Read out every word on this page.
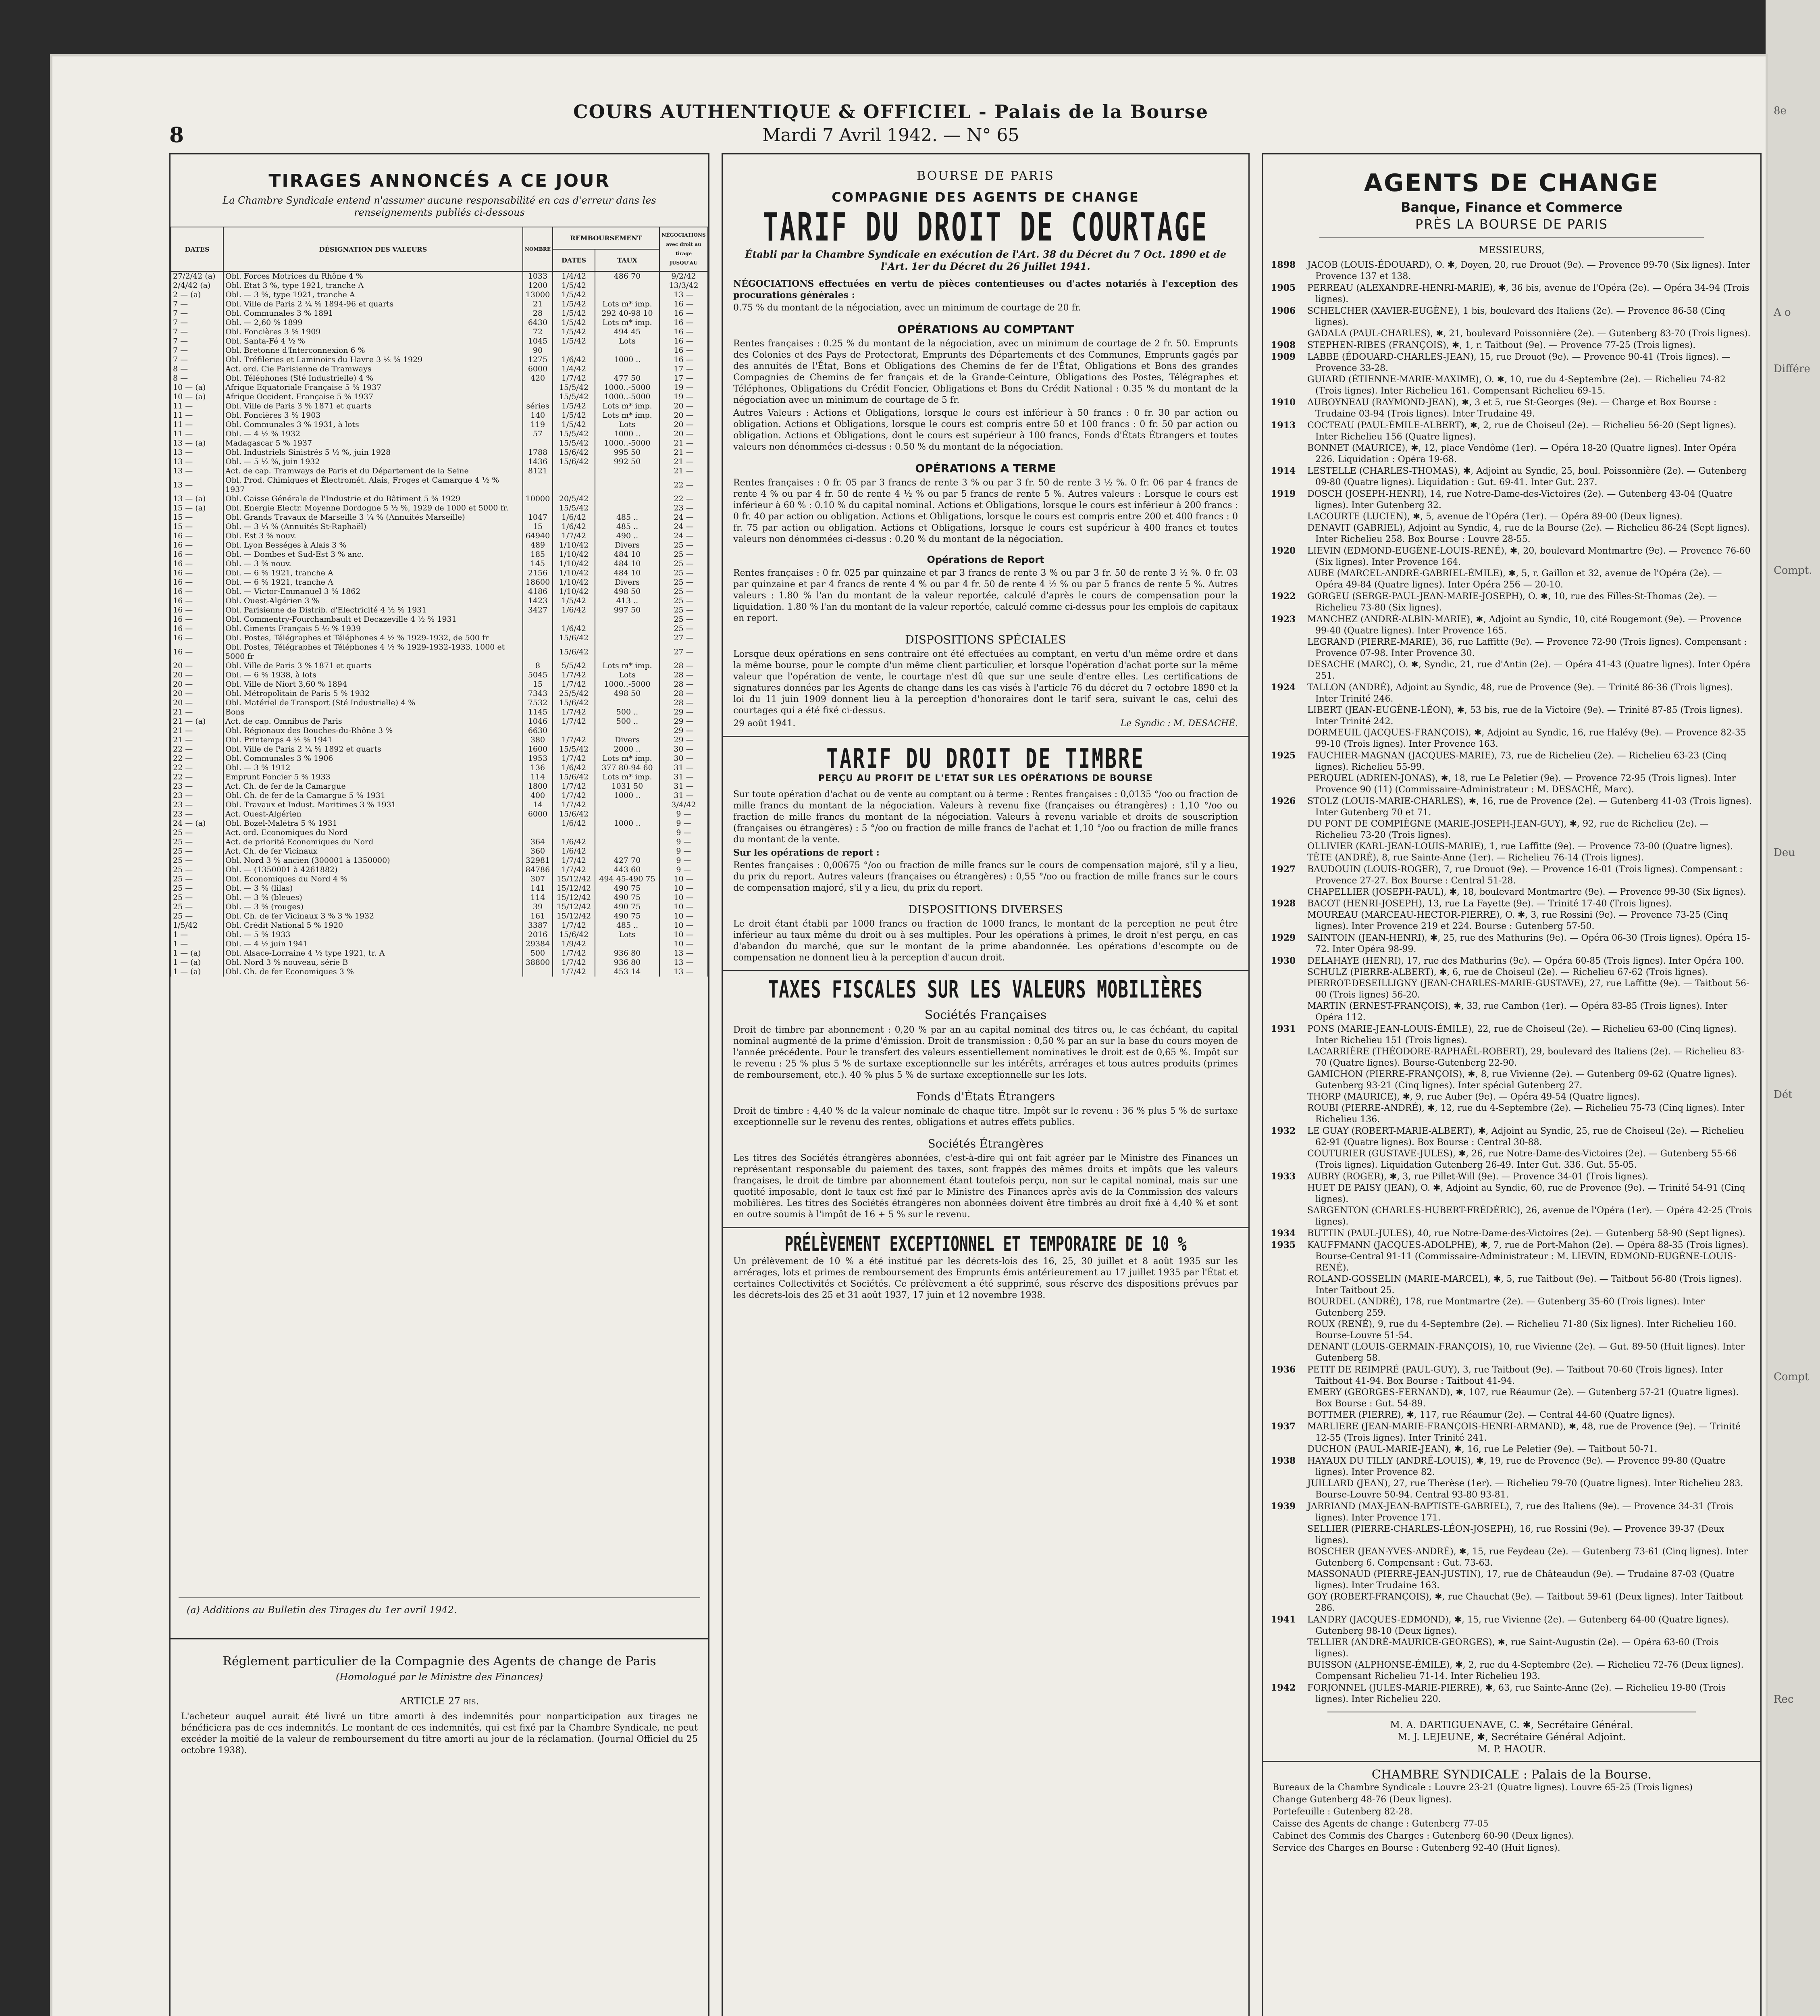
8e
A o
Différe
Compt.
Deu
Dét
Compt
Rec
8
COURS AUTHENTIQUE & OFFICIEL - Palais de la Bourse
Mardi 7 Avril 1942. — N° 65
TIRAGES ANNONCÉS A CE JOUR
La Chambre Syndicale entend n'assumer aucune responsabilité en cas d'erreur dans les renseignements publiés ci-dessous
DATES	DÉSIGNATION DES VALEURS	NOMBRE	REMBOURSEMENT		NÉGOCIATIONS avec droit au tirage JUSQU'AU
			DATES	TAUX	
27/2/42 (a)	Obl. Forces Motrices du Rhône 4 %	1033	1/4/42	486 70	9/2/42
2/4/42 (a)	Obl. Etat 3 %, type 1921, tranche A	1200	1/5/42		13/3/42
2 — (a)	Obl. — 3 %, type 1921, tranche A	13000	1/5/42		13 —
7 —	Obl. Ville de Paris 2 ¾ % 1894-96 et quarts	21	1/5/42	Lots m* imp.	16 —
7 —	Obl. Communales 3 % 1891	28	1/5/42	292 40-98 10	16 —
7 —	Obl. — 2,60 % 1899	6430	1/5/42	Lots m* imp.	16 —
7 —	Obl. Foncières 3 % 1909	72	1/5/42	494 45	16 —
7 —	Obl. Santa-Fé 4 ½ %	1045	1/5/42	Lots	16 —
7 —	Obl. Bretonne d'Interconnexion 6 %	90			16 —
7 —	Obl. Tréfileries et Laminoirs du Havre 3 ½ % 1929	1275	1/6/42	1000 ..	16 —
8 —	Act. ord. Cie Parisienne de Tramways	6000	1/4/42		17 —
8 —	Obl. Téléphones (Sté Industrielle) 4 %	420	1/7/42	477 50	17 —
10 — (a)	Afrique Equatoriale Française 5 % 1937		15/5/42	1000..-5000	19 —
10 — (a)	Afrique Occident. Française 5 % 1937		15/5/42	1000..-5000	19 —
11 —	Obl. Ville de Paris 3 % 1871 et quarts	séries	1/5/42	Lots m* imp.	20 —
11 —	Obl. Foncières 3 % 1903	140	1/5/42	Lots m* imp.	20 —
11 —	Obl. Communales 3 % 1931, à lots	119	1/5/42	Lots	20 —
11 —	Obl. — 4 ½ % 1932	57	15/5/42	1000 ..	20 —
13 — (a)	Madagascar 5 % 1937		15/5/42	1000..-5000	21 —
13 —	Obl. Industriels Sinistrés 5 ½ %, juin 1928	1788	15/6/42	995 50	21 —
13 —	Obl. — 5 ½ %, juin 1932	1436	15/6/42	992 50	21 —
13 —	Act. de cap. Tramways de Paris et du Département de la Seine	8121			21 —
13 —	Obl. Prod. Chimiques et Électromét. Alais, Froges et Camargue 4 ½ % 1937				22 —
13 — (a)	Obl. Caisse Générale de l'Industrie et du Bâtiment 5 % 1929	10000	20/5/42		22 —
15 — (a)	Obl. Energie Electr. Moyenne Dordogne 5 ½ %, 1929 de 1000 et 5000 fr.		15/5/42		23 —
15 —	Obl. Grands Travaux de Marseille 3 ¼ % (Annuités Marseille)	1047	1/6/42	485 ..	24 —
15 —	Obl. — 3 ¼ % (Annuités St-Raphaël)	15	1/6/42	485 ..	24 —
16 —	Obl. Est 3 % nouv.	64940	1/7/42	490 ..	24 —
16 —	Obl. Lyon Bességes à Alais 3 %	489	1/10/42	Divers	25 —
16 —	Obl. — Dombes et Sud-Est 3 % anc.	185	1/10/42	484 10	25 —
16 —	Obl. — 3 % nouv.	145	1/10/42	484 10	25 —
16 —	Obl. — 6 % 1921, tranche A	2156	1/10/42	484 10	25 —
16 —	Obl. — 6 % 1921, tranche A	18600	1/10/42	Divers	25 —
16 —	Obl. — Victor-Emmanuel 3 % 1862	4186	1/10/42	498 50	25 —
16 —	Obl. Ouest-Algérien 3 %	1423	1/5/42	413 ..	25 —
16 —	Obl. Parisienne de Distrib. d'Electricité 4 ½ % 1931	3427	1/6/42	997 50	25 —
16 —	Obl. Commentry-Fourchambault et Decazeville 4 ½ % 1931				25 —
16 —	Obl. Ciments Français 5 ½ % 1939		1/6/42		25 —
16 —	Obl. Postes, Télégraphes et Téléphones 4 ½ % 1929-1932, de 500 fr		15/6/42		27 —
16 —	Obl. Postes, Télégraphes et Téléphones 4 ½ % 1929-1932-1933, 1000 et 5000 fr		15/6/42		27 —
20 —	Obl. Ville de Paris 3 % 1871 et quarts	8	5/5/42	Lots m* imp.	28 —
20 —	Obl. — 6 % 1938, à lots	5045	1/7/42	Lots	28 —
20 —	Obl. Ville de Niort 3,60 % 1894	15	1/7/42	1000..-5000	28 —
20 —	Obl. Métropolitain de Paris 5 % 1932	7343	25/5/42	498 50	28 —
20 —	Obl. Matériel de Transport (Sté Industrielle) 4 %	7532	15/6/42		28 —
21 —	Bons	1145	1/7/42	500 ..	29 —
21 — (a)	Act. de cap. Omnibus de Paris	1046	1/7/42	500 ..	29 —
21 —	Obl. Régionaux des Bouches-du-Rhône 3 %	6630			29 —
21 —	Obl. Printemps 4 ½ % 1941	380	1/7/42	Divers	29 —
22 —	Obl. Ville de Paris 2 ¾ % 1892 et quarts	1600	15/5/42	2000 ..	30 —
22 —	Obl. Communales 3 % 1906	1953	1/7/42	Lots m* imp.	30 —
22 —	Obl. — 3 % 1912	136	1/6/42	377 80-94 60	31 —
22 —	Emprunt Foncier 5 % 1933	114	15/6/42	Lots m* imp.	31 —
23 —	Act. Ch. de fer de la Camargue	1800	1/7/42	1031 50	31 —
23 —	Obl. Ch. de fer de la Camargue 5 % 1931	400	1/7/42	1000 ..	31 —
23 —	Obl. Travaux et Indust. Maritimes 3 % 1931	14	1/7/42		3/4/42
23 —	Act. Ouest-Algérien	6000	15/6/42		9 —
24 — (a)	Obl. Bozel-Malétra 5 % 1931		1/6/42	1000 ..	9 —
25 —	Act. ord. Economiques du Nord				9 —
25 —	Act. de priorité Economiques du Nord	364	1/6/42		9 —
25 —	Act. Ch. de fer Vicinaux	360	1/6/42		9 —
25 —	Obl. Nord 3 % ancien (300001 à 1350000)	32981	1/7/42	427 70	9 —
25 —	Obl. — (1350001 à 4261882)	84786	1/7/42	443 60	9 —
25 —	Obl. Économiques du Nord 4 %	307	15/12/42	494 45-490 75	10 —
25 —	Obl. — 3 % (lilas)	141	15/12/42	490 75	10 —
25 —	Obl. — 3 % (bleues)	114	15/12/42	490 75	10 —
25 —	Obl. — 3 % (rouges)	39	15/12/42	490 75	10 —
25 —	Obl. Ch. de fer Vicinaux 3 % 3 % 1932	161	15/12/42	490 75	10 —
1/5/42	Obl. Crédit National 5 % 1920	3387	1/7/42	485 ..	10 —
1 —	Obl. — 5 % 1933	2016	15/6/42	Lots	10 —
1 —	Obl. — 4 ½ juin 1941	29384	1/9/42		10 —
1 — (a)	Obl. Alsace-Lorraine 4 ½ type 1921, tr. A	500	1/7/42	936 80	13 —
1 — (a)	Obl. Nord 3 % nouveau, série B	38800	1/7/42	936 80	13 —
1 — (a)	Obl. Ch. de fer Economiques 3 %		1/7/42	453 14	13 —
(a) Additions au Bulletin des Tirages du 1er avril 1942.
Réglement particulier de la Compagnie des Agents de change de Paris
(Homologué par le Ministre des Finances)
ARTICLE 27 bis.
L'acheteur auquel aurait été livré un titre amorti à des indemnités pour nonparticipation aux tirages ne bénéficiera pas de ces indemnités. Le montant de ces indemnités, qui est fixé par la Chambre Syndicale, ne peut excéder la moitié de la valeur de remboursement du titre amorti au jour de la réclamation. (Journal Officiel du 25 octobre 1938).
BOURSE DE PARIS
COMPAGNIE DES AGENTS DE CHANGE
TARIF DU DROIT DE COURTAGE
Établi par la Chambre Syndicale en exécution de l'Art. 38 du Décret du 7 Oct. 1890 et de l'Art. 1er du Décret du 26 Juillet 1941.
NÉGOCIATIONS effectuées en vertu de pièces contentieuses ou d'actes notariés à l'exception des procurations générales :
0.75 % du montant de la négociation, avec un minimum de courtage de 20 fr.
OPÉRATIONS AU COMPTANT
Rentes françaises : 0.25 % du montant de la négociation, avec un minimum de courtage de 2 fr. 50. Emprunts des Colonies et des Pays de Protectorat, Emprunts des Départements et des Communes, Emprunts gagés par des annuités de l'État, Bons et Obligations des Chemins de fer de l'État, Obligations et Bons des grandes Compagnies de Chemins de fer français et de la Grande-Ceinture, Obligations des Postes, Télégraphes et Téléphones, Obligations du Crédit Foncier, Obligations et Bons du Crédit National : 0.35 % du montant de la négociation avec un minimum de courtage de 5 fr.
Autres Valeurs : Actions et Obligations, lorsque le cours est inférieur à 50 francs : 0 fr. 30 par action ou obligation. Actions et Obligations, lorsque le cours est compris entre 50 et 100 francs : 0 fr. 50 par action ou obligation. Actions et Obligations, dont le cours est supérieur à 100 francs, Fonds d'États Étrangers et toutes valeurs non dénommées ci-dessus : 0.50 % du montant de la négociation.
OPÉRATIONS A TERME
Rentes françaises : 0 fr. 05 par 3 francs de rente 3 % ou par 3 fr. 50 de rente 3 ½ %. 0 fr. 06 par 4 francs de rente 4 % ou par 4 fr. 50 de rente 4 ½ % ou par 5 francs de rente 5 %. Autres valeurs : Lorsque le cours est inférieur à 60 % : 0.10 % du capital nominal. Actions et Obligations, lorsque le cours est inférieur à 200 francs : 0 fr. 40 par action ou obligation. Actions et Obligations, lorsque le cours est compris entre 200 et 400 francs : 0 fr. 75 par action ou obligation. Actions et Obligations, lorsque le cours est supérieur à 400 francs et toutes valeurs non dénommées ci-dessus : 0.20 % du montant de la négociation.
Opérations de Report
Rentes françaises : 0 fr. 025 par quinzaine et par 3 francs de rente 3 % ou par 3 fr. 50 de rente 3 ½ %. 0 fr. 03 par quinzaine et par 4 francs de rente 4 % ou par 4 fr. 50 de rente 4 ½ % ou par 5 francs de rente 5 %. Autres valeurs : 1.80 % l'an du montant de la valeur reportée, calculé d'après le cours de compensation pour la liquidation. 1.80 % l'an du montant de la valeur reportée, calculé comme ci-dessus pour les emplois de capitaux en report.
DISPOSITIONS SPÉCIALES
Lorsque deux opérations en sens contraire ont été effectuées au comptant, en vertu d'un même ordre et dans la même bourse, pour le compte d'un même client particulier, et lorsque l'opération d'achat porte sur la même valeur que l'opération de vente, le courtage n'est dû que sur une seule d'entre elles. Les certifications de signatures données par les Agents de change dans les cas visés à l'article 76 du décret du 7 octobre 1890 et la loi du 11 juin 1909 donnent lieu à la perception d'honoraires dont le tarif sera, suivant le cas, celui des courtages qui a été fixé ci-dessus.
29 août 1941.	Le Syndic : M. DESACHÉ.
TARIF DU DROIT DE TIMBRE
PERÇU AU PROFIT DE L'ETAT SUR LES OPÉRATIONS DE BOURSE
Sur toute opération d'achat ou de vente au comptant ou à terme : Rentes françaises : 0,0135 °/oo ou fraction de mille francs du montant de la négociation. Valeurs à revenu fixe (françaises ou étrangères) : 1,10 °/oo ou fraction de mille francs du montant de la négociation. Valeurs à revenu variable et droits de souscription (françaises ou étrangères) : 5 °/oo ou fraction de mille francs de l'achat et 1,10 °/oo ou fraction de mille francs du montant de la vente.
Sur les opérations de report :
Rentes françaises : 0,00675 °/oo ou fraction de mille francs sur le cours de compensation majoré, s'il y a lieu, du prix du report. Autres valeurs (françaises ou étrangères) : 0,55 °/oo ou fraction de mille francs sur le cours de compensation majoré, s'il y a lieu, du prix du report.
DISPOSITIONS DIVERSES
Le droit étant établi par 1000 francs ou fraction de 1000 francs, le montant de la perception ne peut être inférieur au taux même du droit ou à ses multiples. Pour les opérations à primes, le droit n'est perçu, en cas d'abandon du marché, que sur le montant de la prime abandonnée. Les opérations d'escompte ou de compensation ne donnent lieu à la perception d'aucun droit.
TAXES FISCALES SUR LES VALEURS MOBILIÈRES
Sociétés Françaises
Droit de timbre par abonnement : 0,20 % par an au capital nominal des titres ou, le cas échéant, du capital nominal augmenté de la prime d'émission. Droit de transmission : 0,50 % par an sur la base du cours moyen de l'année précédente. Pour le transfert des valeurs essentiellement nominatives le droit est de 0,65 %. Impôt sur le revenu : 25 % plus 5 % de surtaxe exceptionnelle sur les intérêts, arrérages et tous autres produits (primes de remboursement, etc.). 40 % plus 5 % de surtaxe exceptionnelle sur les lots.
Fonds d'États Étrangers
Droit de timbre : 4,40 % de la valeur nominale de chaque titre. Impôt sur le revenu : 36 % plus 5 % de surtaxe exceptionnelle sur le revenu des rentes, obligations et autres effets publics.
Sociétés Étrangères
Les titres des Sociétés étrangères abonnées, c'est-à-dire qui ont fait agréer par le Ministre des Finances un représentant responsable du paiement des taxes, sont frappés des mêmes droits et impôts que les valeurs françaises, le droit de timbre par abonnement étant toutefois perçu, non sur le capital nominal, mais sur une quotité imposable, dont le taux est fixé par le Ministre des Finances après avis de la Commission des valeurs mobilières. Les titres des Sociétés étrangères non abonnées doivent être timbrés au droit fixé à 4,40 % et sont en outre soumis à l'impôt de 16 + 5 % sur le revenu.
PRÉLÈVEMENT EXCEPTIONNEL ET TEMPORAIRE DE 10 %
Un prélèvement de 10 % a été institué par les décrets-lois des 16, 25, 30 juillet et 8 août 1935 sur les arrérages, lots et primes de remboursement des Emprunts émis antérieurement au 17 juillet 1935 par l'État et certaines Collectivités et Sociétés. Ce prélèvement a été supprimé, sous réserve des dispositions prévues par les décrets-lois des 25 et 31 août 1937, 17 juin et 12 novembre 1938.
AGENTS DE CHANGE
Banque, Finance et Commerce
PRÈS LA BOURSE DE PARIS
MESSIEURS,
1898 JACOB (LOUIS-ÉDOUARD), O. ✱, Doyen, 20, rue Drouot (9e). — Provence 99-70 (Six lignes). Inter Provence 137 et 138.
1905 PERREAU (ALEXANDRE-HENRI-MARIE), ✱, 36 bis, avenue de l'Opéra (2e). — Opéra 34-94 (Trois lignes).
1906 SCHELCHER (XAVIER-EUGÈNE), 1 bis, boulevard des Italiens (2e). — Provence 86-58 (Cinq lignes).
GADALA (PAUL-CHARLES), ✱, 21, boulevard Poissonnière (2e). — Gutenberg 83-70 (Trois lignes).
1908 STEPHEN-RIBES (FRANÇOIS), ✱, 1, r. Taitbout (9e). — Provence 77-25 (Trois lignes).
1909 LABBE (ÉDOUARD-CHARLES-JEAN), 15, rue Drouot (9e). — Provence 90-41 (Trois lignes). — Provence 33-28.
GUIARD (ÉTIENNE-MARIE-MAXIME), O. ✱, 10, rue du 4-Septembre (2e). — Richelieu 74-82 (Trois lignes). Inter Richelieu 161. Compensant Richelieu 69-15.
1910 AUBOYNEAU (RAYMOND-JEAN), ✱, 3 et 5, rue St-Georges (9e). — Charge et Box Bourse : Trudaine 03-94 (Trois lignes). Inter Trudaine 49.
1913 COCTEAU (PAUL-ÉMILE-ALBERT), ✱, 2, rue de Choiseul (2e). — Richelieu 56-20 (Sept lignes). Inter Richelieu 156 (Quatre lignes).
BONNET (MAURICE), ✱, 12, place Vendôme (1er). — Opéra 18-20 (Quatre lignes). Inter Opéra 226. Liquidation : Opéra 19-68.
1914 LESTELLE (CHARLES-THOMAS), ✱, Adjoint au Syndic, 25, boul. Poissonnière (2e). — Gutenberg 09-80 (Quatre lignes). Liquidation : Gut. 69-41. Inter Gut. 237.
1919 DOSCH (JOSEPH-HENRI), 14, rue Notre-Dame-des-Victoires (2e). — Gutenberg 43-04 (Quatre lignes). Inter Gutenberg 32.
LACOURTE (LUCIEN), ✱, 5, avenue de l'Opéra (1er). — Opéra 89-00 (Deux lignes).
DENAVIT (GABRIEL), Adjoint au Syndic, 4, rue de la Bourse (2e). — Richelieu 86-24 (Sept lignes). Inter Richelieu 258. Box Bourse : Louvre 28-55.
1920 LIEVIN (EDMOND-EUGÈNE-LOUIS-RENÉ), ✱, 20, boulevard Montmartre (9e). — Provence 76-60 (Six lignes). Inter Provence 164.
AUBE (MARCEL-ANDRÉ-GABRIEL-ÉMILE), ✱, 5, r. Gaillon et 32, avenue de l'Opéra (2e). — Opéra 49-84 (Quatre lignes). Inter Opéra 256 — 20-10.
1922 GORGEU (SERGE-PAUL-JEAN-MARIE-JOSEPH), O. ✱, 10, rue des Filles-St-Thomas (2e). — Richelieu 73-80 (Six lignes).
1923 MANCHEZ (ANDRÉ-ALBIN-MARIE), ✱, Adjoint au Syndic, 10, cité Rougemont (9e). — Provence 99-40 (Quatre lignes). Inter Provence 165.
LEGRAND (PIERRE-MARIE), 36, rue Laffitte (9e). — Provence 72-90 (Trois lignes). Compensant : Provence 07-98. Inter Provence 30.
DESACHE (MARC), O. ✱, Syndic, 21, rue d'Antin (2e). — Opéra 41-43 (Quatre lignes). Inter Opéra 251.
1924 TALLON (ANDRÉ), Adjoint au Syndic, 48, rue de Provence (9e). — Trinité 86-36 (Trois lignes). Inter Trinité 246.
LIBERT (JEAN-EUGÈNE-LÉON), ✱, 53 bis, rue de la Victoire (9e). — Trinité 87-85 (Trois lignes). Inter Trinité 242.
DORMEUIL (JACQUES-FRANÇOIS), ✱, Adjoint au Syndic, 16, rue Halévy (9e). — Provence 82-35 99-10 (Trois lignes). Inter Provence 163.
1925 FAUCHIER-MAGNAN (JACQUES-MARIE), 73, rue de Richelieu (2e). — Richelieu 63-23 (Cinq lignes). Richelieu 55-99.
PERQUEL (ADRIEN-JONAS), ✱, 18, rue Le Peletier (9e). — Provence 72-95 (Trois lignes). Inter Provence 90 (11) (Commissaire-Administrateur : M. DESACHÉ, Marc).
1926 STOLZ (LOUIS-MARIE-CHARLES), ✱, 16, rue de Provence (2e). — Gutenberg 41-03 (Trois lignes). Inter Gutenberg 70 et 71.
DU PONT DE COMPIÈGNE (MARIE-JOSEPH-JEAN-GUY), ✱, 92, rue de Richelieu (2e). — Richelieu 73-20 (Trois lignes).
OLLIVIER (KARL-JEAN-LOUIS-MARIE), 1, rue Laffitte (9e). — Provence 73-00 (Quatre lignes).
TÊTE (ANDRÉ), 8, rue Sainte-Anne (1er). — Richelieu 76-14 (Trois lignes).
1927 BAUDOUIN (LOUIS-ROGER), 7, rue Drouot (9e). — Provence 16-01 (Trois lignes). Compensant : Provence 27-27. Box Bourse : Central 51-28.
CHAPELLIER (JOSEPH-PAUL), ✱, 18, boulevard Montmartre (9e). — Provence 99-30 (Six lignes).
1928 BACOT (HENRI-JOSEPH), 13, rue La Fayette (9e). — Trinité 17-40 (Trois lignes).
MOUREAU (MARCEAU-HECTOR-PIERRE), O. ✱, 3, rue Rossini (9e). — Provence 73-25 (Cinq lignes). Inter Provence 219 et 224. Bourse : Gutenberg 57-50.
1929 SAINTOIN (JEAN-HENRI), ✱, 25, rue des Mathurins (9e). — Opéra 06-30 (Trois lignes). Opéra 15-72. Inter Opéra 98-99.
1930 DELAHAYE (HENRI), 17, rue des Mathurins (9e). — Opéra 60-85 (Trois lignes). Inter Opéra 100.
SCHULZ (PIERRE-ALBERT), ✱, 6, rue de Choiseul (2e). — Richelieu 67-62 (Trois lignes).
PIERROT-DESEILLIGNY (JEAN-CHARLES-MARIE-GUSTAVE), 27, rue Laffitte (9e). — Taitbout 56-00 (Trois lignes) 56-20.
MARTIN (ERNEST-FRANÇOIS), ✱, 33, rue Cambon (1er). — Opéra 83-85 (Trois lignes). Inter Opéra 112.
1931 PONS (MARIE-JEAN-LOUIS-ÉMILE), 22, rue de Choiseul (2e). — Richelieu 63-00 (Cinq lignes). Inter Richelieu 151 (Trois lignes).
LACARRIÈRE (THÉODORE-RAPHAËL-ROBERT), 29, boulevard des Italiens (2e). — Richelieu 83-70 (Quatre lignes). Bourse-Gutenberg 22-90.
GAMICHON (PIERRE-FRANÇOIS), ✱, 8, rue Vivienne (2e). — Gutenberg 09-62 (Quatre lignes). Gutenberg 93-21 (Cinq lignes). Inter spécial Gutenberg 27.
THORP (MAURICE), ✱, 9, rue Auber (9e). — Opéra 49-54 (Quatre lignes).
ROUBI (PIERRE-ANDRÉ), ✱, 12, rue du 4-Septembre (2e). — Richelieu 75-73 (Cinq lignes). Inter Richelieu 136.
1932 LE GUAY (ROBERT-MARIE-ALBERT), ✱, Adjoint au Syndic, 25, rue de Choiseul (2e). — Richelieu 62-91 (Quatre lignes). Box Bourse : Central 30-88.
COUTURIER (GUSTAVE-JULES), ✱, 26, rue Notre-Dame-des-Victoires (2e). — Gutenberg 55-66 (Trois lignes). Liquidation Gutenberg 26-49. Inter Gut. 336. Gut. 55-05.
1933 AUBRY (ROGER), ✱, 3, rue Pillet-Will (9e). — Provence 34-01 (Trois lignes).
HUET DE PAISY (JEAN), O. ✱, Adjoint au Syndic, 60, rue de Provence (9e). — Trinité 54-91 (Cinq lignes).
SARGENTON (CHARLES-HUBERT-FRÉDÉRIC), 26, avenue de l'Opéra (1er). — Opéra 42-25 (Trois lignes).
1934 BUTTIN (PAUL-JULES), 40, rue Notre-Dame-des-Victoires (2e). — Gutenberg 58-90 (Sept lignes).
1935 KAUFFMANN (JACQUES-ADOLPHE), ✱, 7, rue de Port-Mahon (2e). — Opéra 88-35 (Trois lignes). Bourse-Central 91-11 (Commissaire-Administrateur : M. LIEVIN, EDMOND-EUGÈNE-LOUIS-RENÉ).
ROLAND-GOSSELIN (MARIE-MARCEL), ✱, 5, rue Taitbout (9e). — Taitbout 56-80 (Trois lignes). Inter Taitbout 25.
BOURDEL (ANDRÉ), 178, rue Montmartre (2e). — Gutenberg 35-60 (Trois lignes). Inter Gutenberg 259.
ROUX (RENÉ), 9, rue du 4-Septembre (2e). — Richelieu 71-80 (Six lignes). Inter Richelieu 160. Bourse-Louvre 51-54.
DENANT (LOUIS-GERMAIN-FRANÇOIS), 10, rue Vivienne (2e). — Gut. 89-50 (Huit lignes). Inter Gutenberg 58.
1936 PETIT DE REIMPRÉ (PAUL-GUY), 3, rue Taitbout (9e). — Taitbout 70-60 (Trois lignes). Inter Taitbout 41-94. Box Bourse : Taitbout 41-94.
EMERY (GEORGES-FERNAND), ✱, 107, rue Réaumur (2e). — Gutenberg 57-21 (Quatre lignes). Box Bourse : Gut. 54-89.
BOTTMER (PIERRE), ✱, 117, rue Réaumur (2e). — Central 44-60 (Quatre lignes).
1937 MARLIERE (JEAN-MARIE-FRANÇOIS-HENRI-ARMAND), ✱, 48, rue de Provence (9e). — Trinité 12-55 (Trois lignes). Inter Trinité 241.
DUCHON (PAUL-MARIE-JEAN), ✱, 16, rue Le Peletier (9e). — Taitbout 50-71.
1938 HAYAUX DU TILLY (ANDRÉ-LOUIS), ✱, 19, rue de Provence (9e). — Provence 99-80 (Quatre lignes). Inter Provence 82.
JUILLARD (JEAN), 27, rue Therèse (1er). — Richelieu 79-70 (Quatre lignes). Inter Richelieu 283. Bourse-Louvre 50-94. Central 93-80 93-81.
1939 JARRIAND (MAX-JEAN-BAPTISTE-GABRIEL), 7, rue des Italiens (9e). — Provence 34-31 (Trois lignes). Inter Provence 171.
SELLIER (PIERRE-CHARLES-LÉON-JOSEPH), 16, rue Rossini (9e). — Provence 39-37 (Deux lignes).
BOSCHER (JEAN-YVES-ANDRÉ), ✱, 15, rue Feydeau (2e). — Gutenberg 73-61 (Cinq lignes). Inter Gutenberg 6. Compensant : Gut. 73-63.
MASSONAUD (PIERRE-JEAN-JUSTIN), 17, rue de Châteaudun (9e). — Trudaine 87-03 (Quatre lignes). Inter Trudaine 163.
GOY (ROBERT-FRANÇOIS), ✱, rue Chauchat (9e). — Taitbout 59-61 (Deux lignes). Inter Taitbout 286.
1941 LANDRY (JACQUES-EDMOND), ✱, 15, rue Vivienne (2e). — Gutenberg 64-00 (Quatre lignes). Gutenberg 98-10 (Deux lignes).
TELLIER (ANDRÉ-MAURICE-GEORGES), ✱, rue Saint-Augustin (2e). — Opéra 63-60 (Trois lignes).
BUISSON (ALPHONSE-ÉMILE), ✱, 2, rue du 4-Septembre (2e). — Richelieu 72-76 (Deux lignes). Compensant Richelieu 71-14. Inter Richelieu 193.
1942 FORJONNEL (JULES-MARIE-PIERRE), ✱, 63, rue Sainte-Anne (2e). — Richelieu 19-80 (Trois lignes). Inter Richelieu 220.
M. A. DARTIGUENAVE, C. ✱, Secrétaire Général.
M. J. LEJEUNE, ✱, Secrétaire Général Adjoint.
M. P. HAOUR.
CHAMBRE SYNDICALE : Palais de la Bourse.
Bureaux de la Chambre Syndicale : Louvre 23-21 (Quatre lignes). Louvre 65-25 (Trois lignes)
Change Gutenberg 48-76 (Deux lignes).
Portefeuille : Gutenberg 82-28.
Caisse des Agents de change : Gutenberg 77-05
Cabinet des Commis des Charges : Gutenberg 60-90 (Deux lignes).
Service des Charges en Bourse : Gutenberg 92-40 (Huit lignes).
